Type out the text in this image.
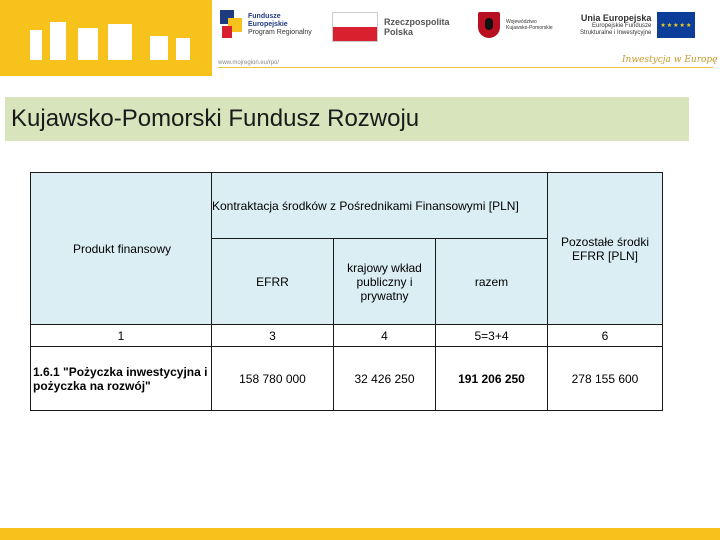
Fundusze
Europejskie
Program Regionalny
Rzeczpospolita
Polska
Województwo
Kujawsko-Pomorskie
Unia Europejska
Europejskie Fundusze
Strukturalne i Inwestycyjne
★★★★★
www.mojregion.eu/rpo/	Inwestycja w Europę
Kujawsko-Pomorski Fundusz Rozwoju
Produkt finansowy	Kontraktacja środków z Pośrednikami Finansowymi [PLN]			Pozostałe środki EFRR [PLN]
	EFRR	krajowy wkład publiczny i prywatny	razem	
1	3	4	5=3+4	6
1.6.1 "Pożyczka inwestycyjna i pożyczka na rozwój"	158 780 000	32 426 250	191 206 250	278 155 600
